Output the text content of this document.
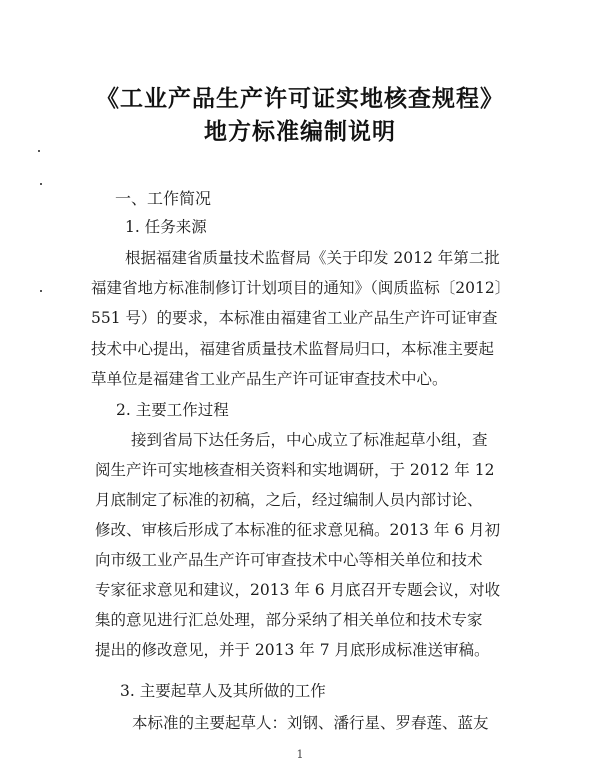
《工业产品生产许可证实地核查规程》
地方标准编制说明
一、工作简况
1. 任务来源
根据福建省质量技术监督局《关于印发 2012 年第二批
福建省地方标准制修订计划项目的通知》（闽质监标〔2012〕
551 号）的要求，本标准由福建省工业产品生产许可证审查
技术中心提出，福建省质量技术监督局归口，本标准主要起
草单位是福建省工业产品生产许可证审查技术中心。
2. 主要工作过程
接到省局下达任务后，中心成立了标准起草小组，查
阅生产许可实地核查相关资料和实地调研，于 2012 年 12
月底制定了标准的初稿，之后，经过编制人员内部讨论、
修改、审核后形成了本标准的征求意见稿。2013 年 6 月初
向市级工业产品生产许可审查技术中心等相关单位和技术
专家征求意见和建议，2013 年 6 月底召开专题会议，对收
集的意见进行汇总处理，部分采纳了相关单位和技术专家
提出的修改意见，并于 2013 年 7 月底形成标准送审稿。
3. 主要起草人及其所做的工作
本标准的主要起草人：刘钢、潘行星、罗春莲、蓝友
1
